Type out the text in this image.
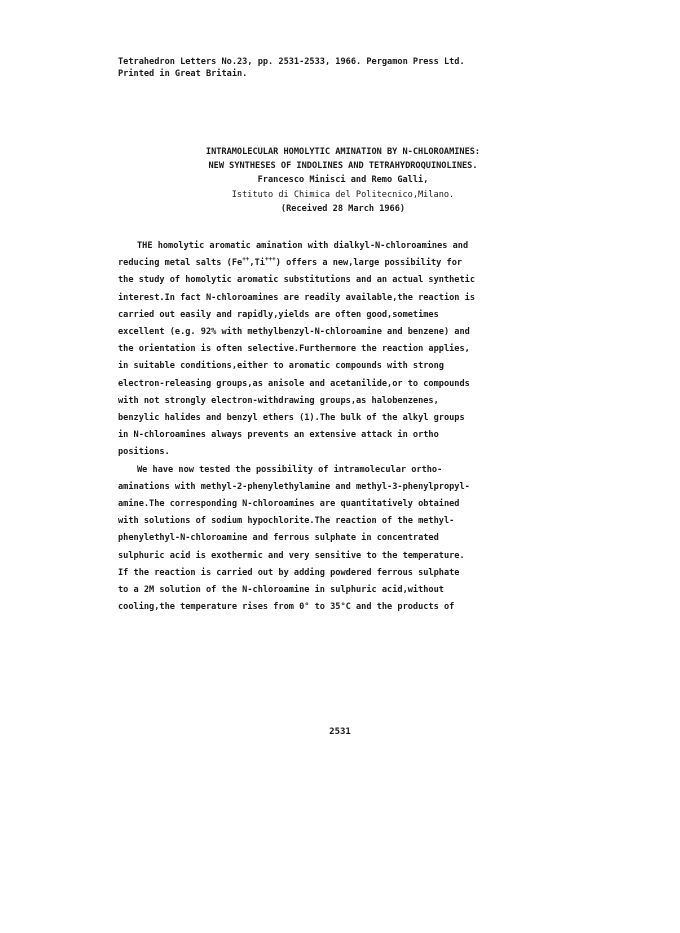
Tetrahedron Letters No.23, pp. 2531-2533, 1966. Pergamon Press Ltd.
Printed in Great Britain.
INTRAMOLECULAR HOMOLYTIC AMINATION BY N-CHLOROAMINES:
NEW SYNTHESES OF INDOLINES AND TETRAHYDROQUINOLINES.
Francesco Minisci and Remo Galli,
Istituto di Chimica del Politecnico,Milano.
(Received 28 March 1966)

THE homolytic aromatic amination with dialkyl-N-chloroamines and

reducing metal salts (Fe++,Ti+++) offers a new,large possibility for

the study of homolytic aromatic substitutions and an actual synthetic

interest.In fact N-chloroamines are readily available,the reaction is

carried out easily and rapidly,yields are often good,sometimes

excellent (e.g. 92% with methylbenzyl-N-chloroamine and benzene) and

the orientation is often selective.Furthermore the reaction applies,

in suitable conditions,either to aromatic compounds with strong

electron-releasing groups,as anisole and acetanilide,or to compounds

with not strongly electron-withdrawing groups,as halobenzenes,

benzylic halides and benzyl ethers (1).The bulk of the alkyl groups

in N-chloroamines always prevents an extensive attack in ortho

positions.

We have now tested the possibility of intramolecular ortho-

aminations with methyl-2-phenylethylamine and methyl-3-phenylpropyl-

amine.The corresponding N-chloroamines are quantitatively obtained

with solutions of sodium hypochlorite.The reaction of the methyl-

phenylethyl-N-chloroamine and ferrous sulphate in concentrated

sulphuric acid is exothermic and very sensitive to the temperature.

If the reaction is carried out by adding powdered ferrous sulphate

to a 2M solution of the N-chloroamine in sulphuric acid,without

cooling,the temperature rises from 0° to 35°C and the products of

2531
